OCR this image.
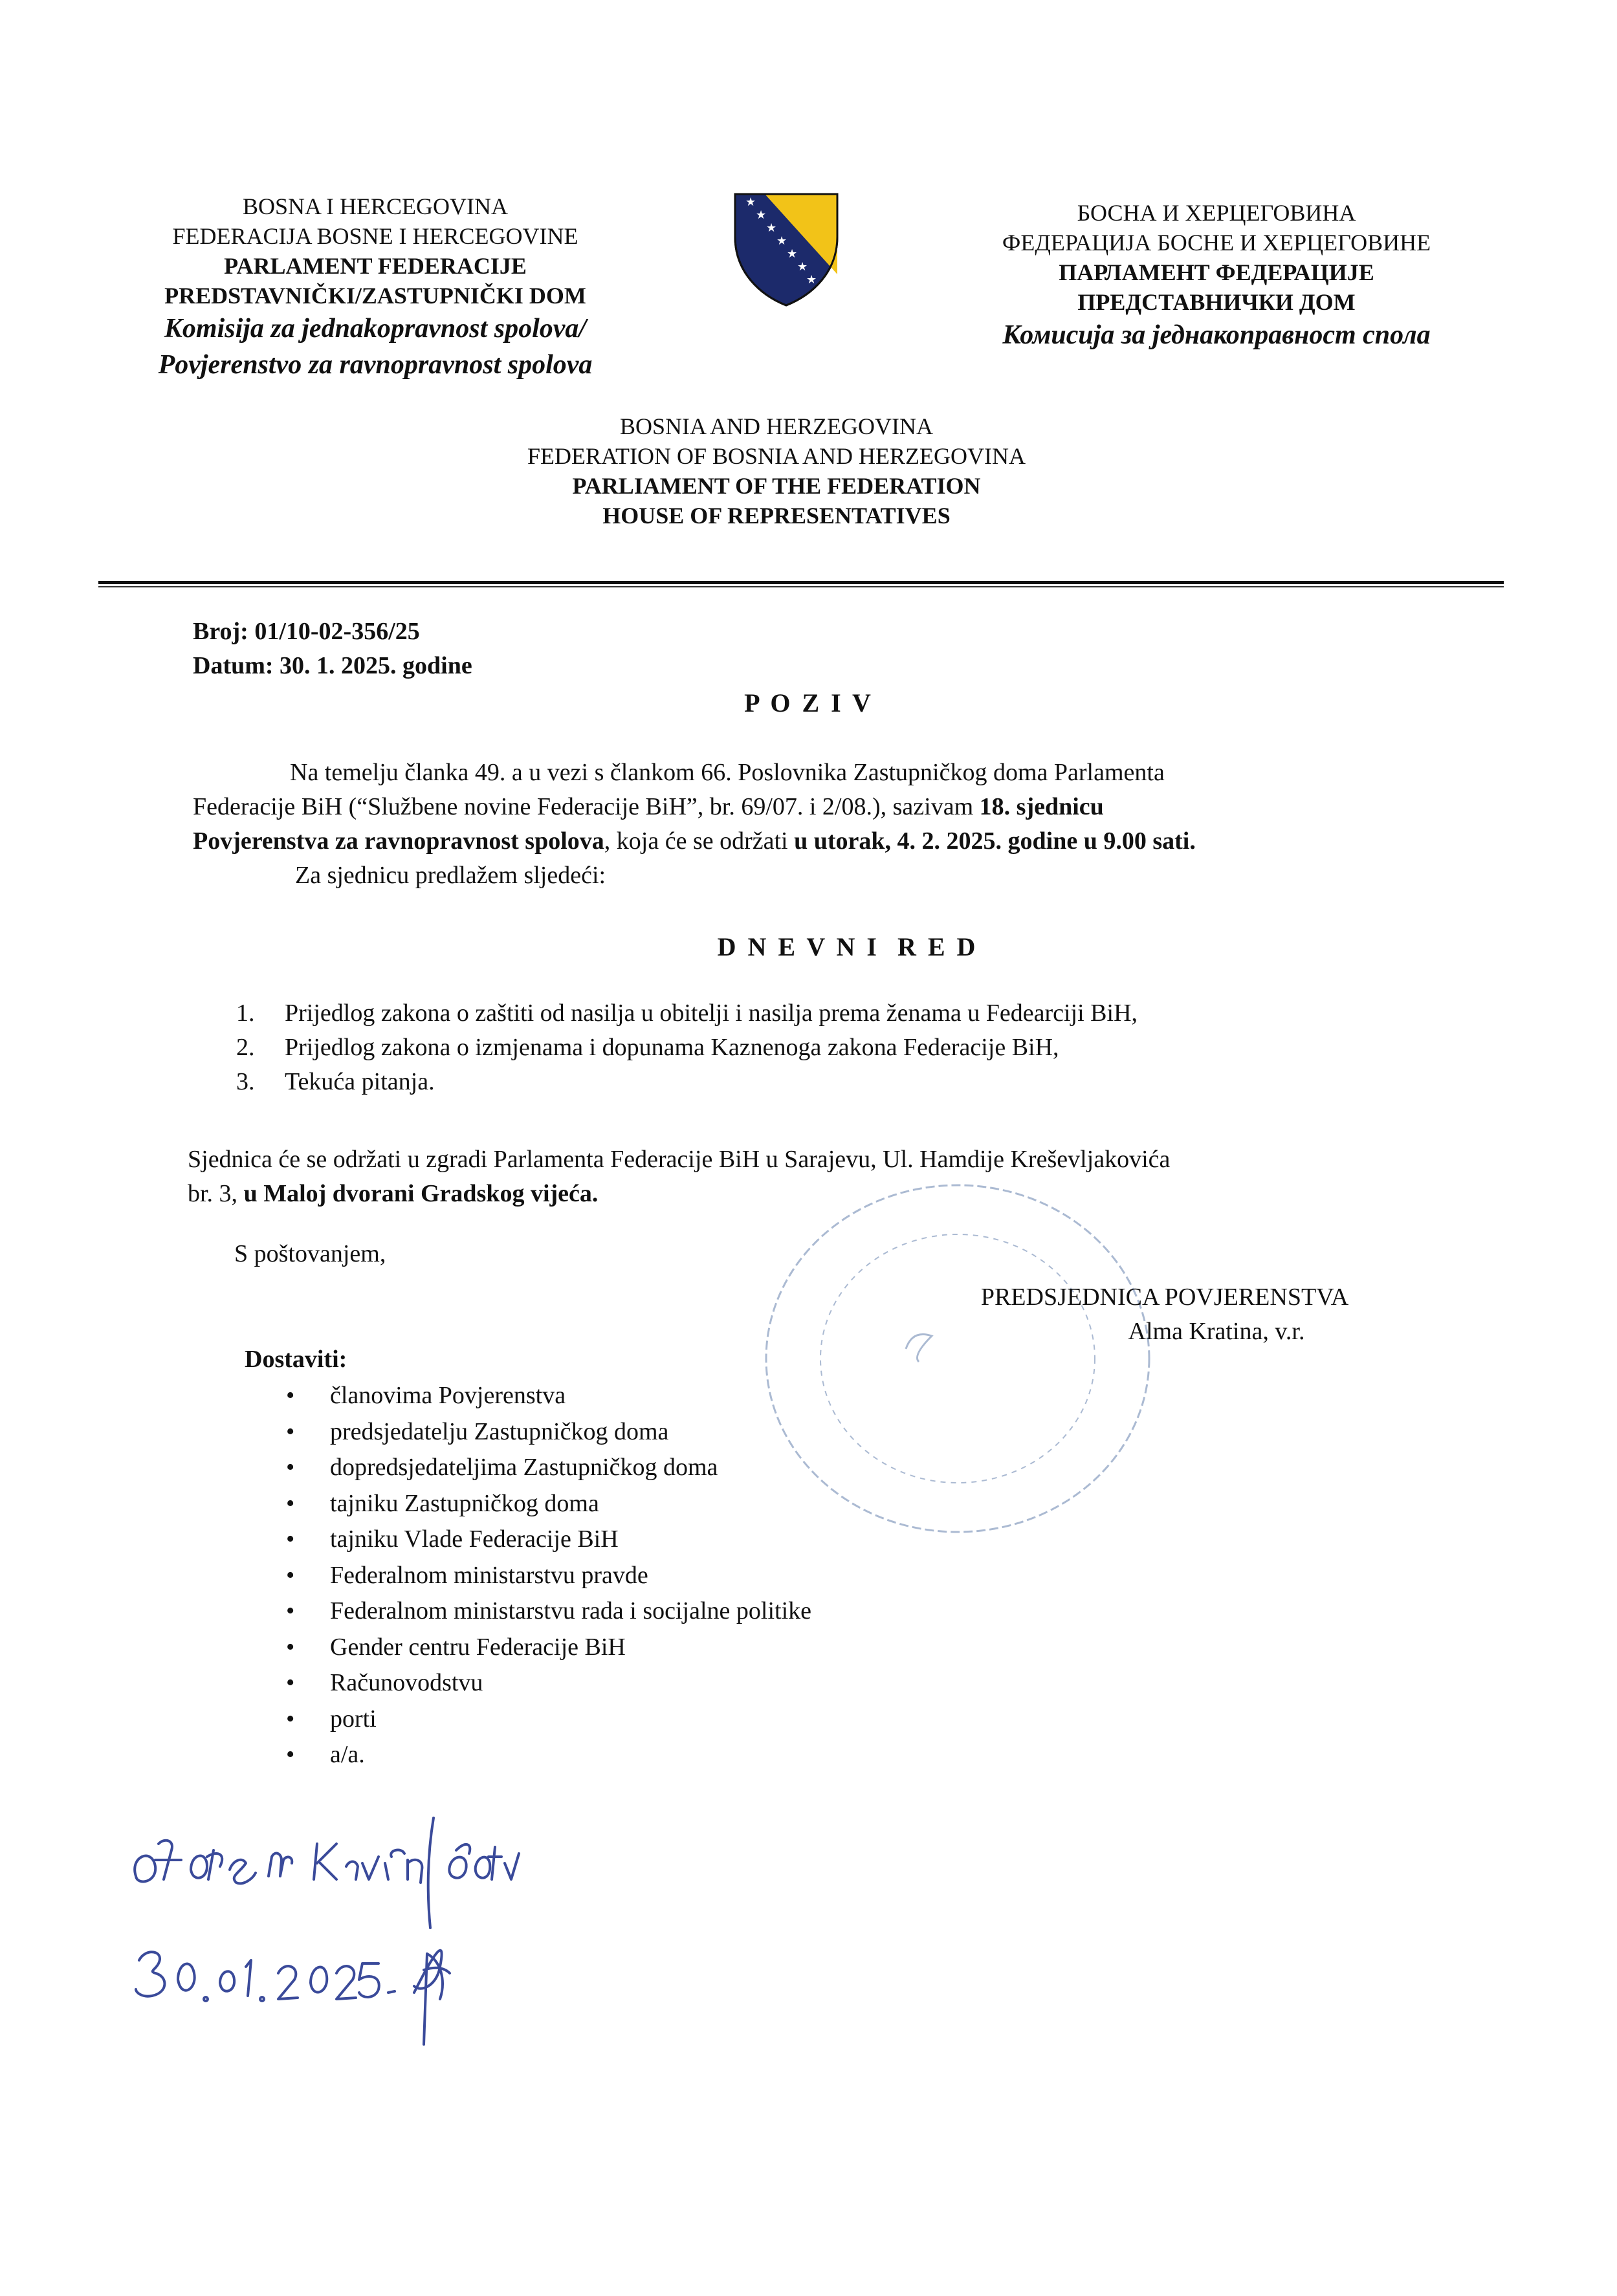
BOSNA I HERCEGOVINA
FEDERACIJA BOSNE I HERCEGOVINE
PARLAMENT FEDERACIJE
PREDSTAVNIČKI/ZASTUPNIČKI DOM
Komisija za jednakopravnost spolova/
Povjerenstvo za ravnopravnost spolova
★
★
★
★
★
★
★
БОСНА И ХЕРЦЕГОВИНА
ФЕДЕРАЦИЈА БОСНЕ И ХЕРЦЕГОВИНЕ
ПАРЛАМЕНТ ФЕДЕРАЦИЈЕ
ПРЕДСТАВНИЧКИ ДОМ
Комисија за једнакоправност спола
BOSNIA AND HERZEGOVINA
FEDERATION OF BOSNIA AND HERZEGOVINA
PARLIAMENT OF THE FEDERATION
HOUSE OF REPRESENTATIVES
Broj: 01/10-02-356/25
Datum: 30. 1. 2025. godine
P O Z I V
Na temelju članka 49. a u vezi s člankom 66. Poslovnika Zastupničkog doma Parlamenta
Federacije BiH (“Službene novine Federacije BiH”, br. 69/07. i 2/08.), sazivam 18. sjednicu
Povjerenstva za ravnopravnost spolova, koja će se održati u utorak, 4. 2. 2025. godine u 9.00 sati.
Za sjednicu predlažem sljedeći:
D N E V N I  R E D
1. Prijedlog zakona o zaštiti od nasilja u obitelji i nasilja prema ženama u Fedearciji BiH,
2. Prijedlog zakona o izmjenama i dopunama Kaznenoga zakona Federacije BiH,
3. Tekuća pitanja.
Sjednica će se održati u zgradi Parlamenta Federacije BiH u Sarajevu, Ul. Hamdije Kreševljakovića
br. 3, u Maloj dvorani Gradskog vijeća.
S poštovanjem,
PREDSJEDNICA POVJERENSTVA
Alma Kratina, v.r.
Dostaviti:
• članovima Povjerenstva
• predsjedatelju Zastupničkog doma
• dopredsjedateljima Zastupničkog doma
• tajniku Zastupničkog doma
• tajniku Vlade Federacije BiH
• Federalnom ministarstvu pravde
• Federalnom ministarstvu rada i socijalne politike
• Gender centru Federacije BiH
• Računovodstvu
• porti
• a/a.
